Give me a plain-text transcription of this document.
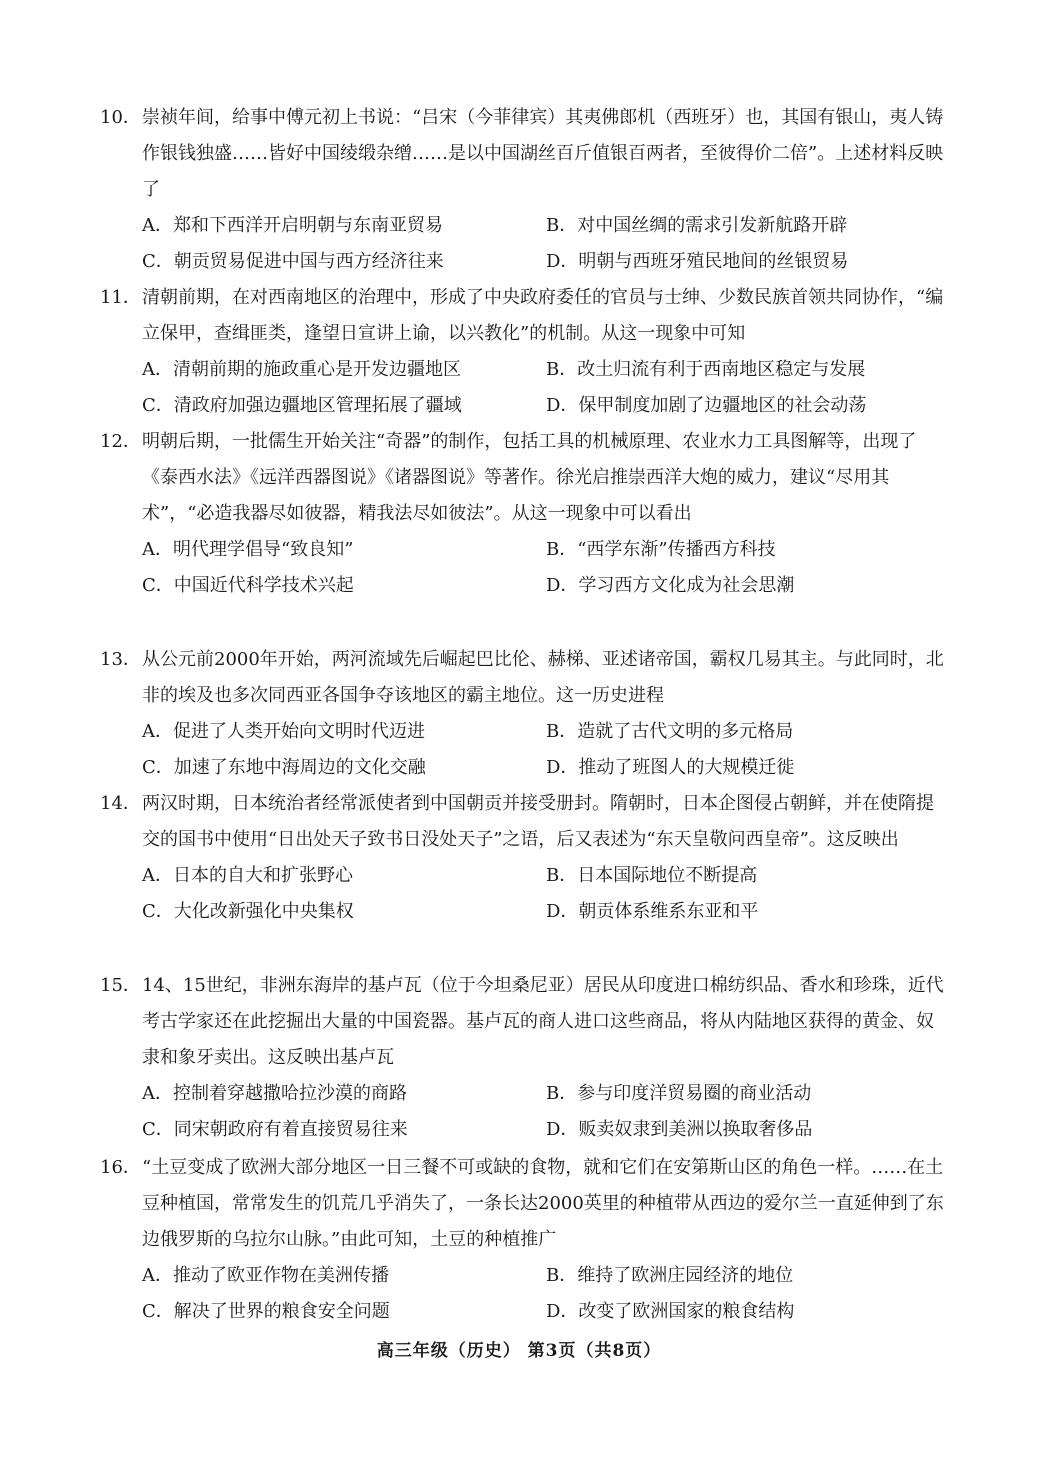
10． 崇祯年间，给事中傅元初上书说：“吕宋（今菲律宾）其夷佛郎机（西班牙）也，其国有银山，夷人铸作银钱独盛……皆好中国绫缎杂缯……是以中国湖丝百斤值银百两者，至彼得价二倍”。上述材料反映了
A．郑和下西洋开启明朝与东南亚贸易	B．对中国丝绸的需求引发新航路开辟
C．朝贡贸易促进中国与西方经济往来	D．明朝与西班牙殖民地间的丝银贸易
11． 清朝前期，在对西南地区的治理中，形成了中央政府委任的官员与士绅、少数民族首领共同协作，“编立保甲，查缉匪类，逢望日宣讲上谕，以兴教化”的机制。从这一现象中可知
A．清朝前期的施政重心是开发边疆地区	B．改土归流有利于西南地区稳定与发展
C．清政府加强边疆地区管理拓展了疆域	D．保甲制度加剧了边疆地区的社会动荡
12． 明朝后期，一批儒生开始关注“奇器”的制作，包括工具的机械原理、农业水力工具图解等，出现了《泰西水法》《远洋西器图说》《诸器图说》等著作。徐光启推崇西洋大炮的威力，建议“尽用其术”，“必造我器尽如彼器，精我法尽如彼法”。从这一现象中可以看出
A．明代理学倡导“致良知”	B．“西学东渐”传播西方科技
C．中国近代科学技术兴起	D．学习西方文化成为社会思潮
13． 从公元前2000年开始，两河流域先后崛起巴比伦、赫梯、亚述诸帝国，霸权几易其主。与此同时，北非的埃及也多次同西亚各国争夺该地区的霸主地位。这一历史进程
A．促进了人类开始向文明时代迈进	B．造就了古代文明的多元格局
C．加速了东地中海周边的文化交融	D．推动了班图人的大规模迁徙
14． 两汉时期，日本统治者经常派使者到中国朝贡并接受册封。隋朝时，日本企图侵占朝鲜，并在使隋提交的国书中使用“日出处天子致书日没处天子”之语，后又表述为“东天皇敬问西皇帝”。这反映出
A．日本的自大和扩张野心	B．日本国际地位不断提高
C．大化改新强化中央集权	D．朝贡体系维系东亚和平
15． 14、15世纪，非洲东海岸的基卢瓦（位于今坦桑尼亚）居民从印度进口棉纺织品、香水和珍珠，近代考古学家还在此挖掘出大量的中国瓷器。基卢瓦的商人进口这些商品，将从内陆地区获得的黄金、奴隶和象牙卖出。这反映出基卢瓦
A．控制着穿越撒哈拉沙漠的商路	B．参与印度洋贸易圈的商业活动
C．同宋朝政府有着直接贸易往来	D．贩卖奴隶到美洲以换取奢侈品
16． “土豆变成了欧洲大部分地区一日三餐不可或缺的食物，就和它们在安第斯山区的角色一样。……在土豆种植国，常常发生的饥荒几乎消失了，一条长达2000英里的种植带从西边的爱尔兰一直延伸到了东边俄罗斯的乌拉尔山脉。”由此可知，土豆的种植推广
A．推动了欧亚作物在美洲传播	B．维持了欧洲庄园经济的地位
C．解决了世界的粮食安全问题	D．改变了欧洲国家的粮食结构
高三年级（历史） 第3页（共8页）
